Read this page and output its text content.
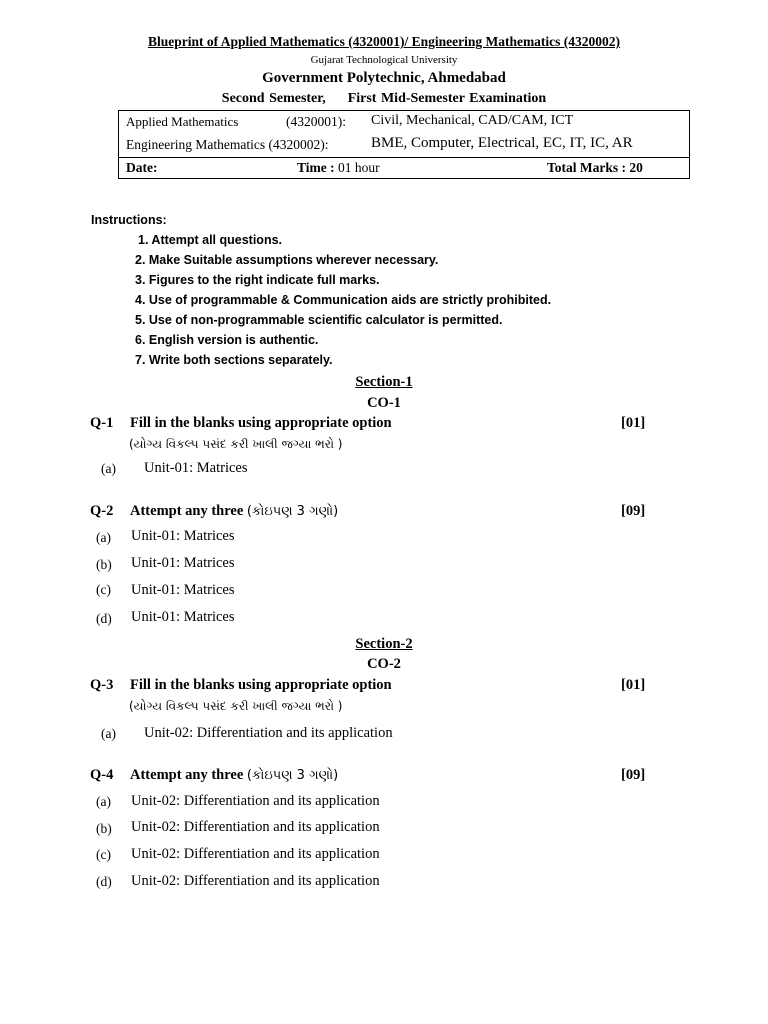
Blueprint of Applied Mathematics (4320001)/ Engineering Mathematics (4320002)
Gujarat Technological University
Government Polytechnic, Ahmedabad
Second Semester, First Mid-Semester Examination
Applied Mathematics	(4320001): Civil, Mechanical, CAD/CAM, ICT
Engineering Mathematics (4320002):	BME, Computer, Electrical, EC, IT, IC, AR
Date:	Time : 01 hour	Total Marks : 20
Instructions:
1. Attempt all questions.
2. Make Suitable assumptions wherever necessary.
3. Figures to the right indicate full marks.
4. Use of programmable & Communication aids are strictly prohibited.
5. Use of non-programmable scientific calculator is permitted.
6. English version is authentic.
7. Write both sections separately.
Section-1
CO-1
Q-1 Fill in the blanks using appropriate option	[01]
(યોગ્ય વિકલ્પ પસંદ કરી ખાલી જગ્યા ભરો )
(a) Unit-01: Matrices
Q-2 Attempt any three (કોઇપણ 3 ગણો)	[09]
(a) Unit-01: Matrices
(b) Unit-01: Matrices
(c) Unit-01: Matrices
(d) Unit-01: Matrices
Section-2
CO-2
Q-3 Fill in the blanks using appropriate option	[01]
(યોગ્ય વિકલ્પ પસંદ કરી ખાલી જગ્યા ભરો )
(a) Unit-02: Differentiation and its application
Q-4 Attempt any three (કોઇપણ 3 ગણો)	[09]
(a) Unit-02: Differentiation and its application
(b) Unit-02: Differentiation and its application
(c) Unit-02: Differentiation and its application
(d) Unit-02: Differentiation and its application
